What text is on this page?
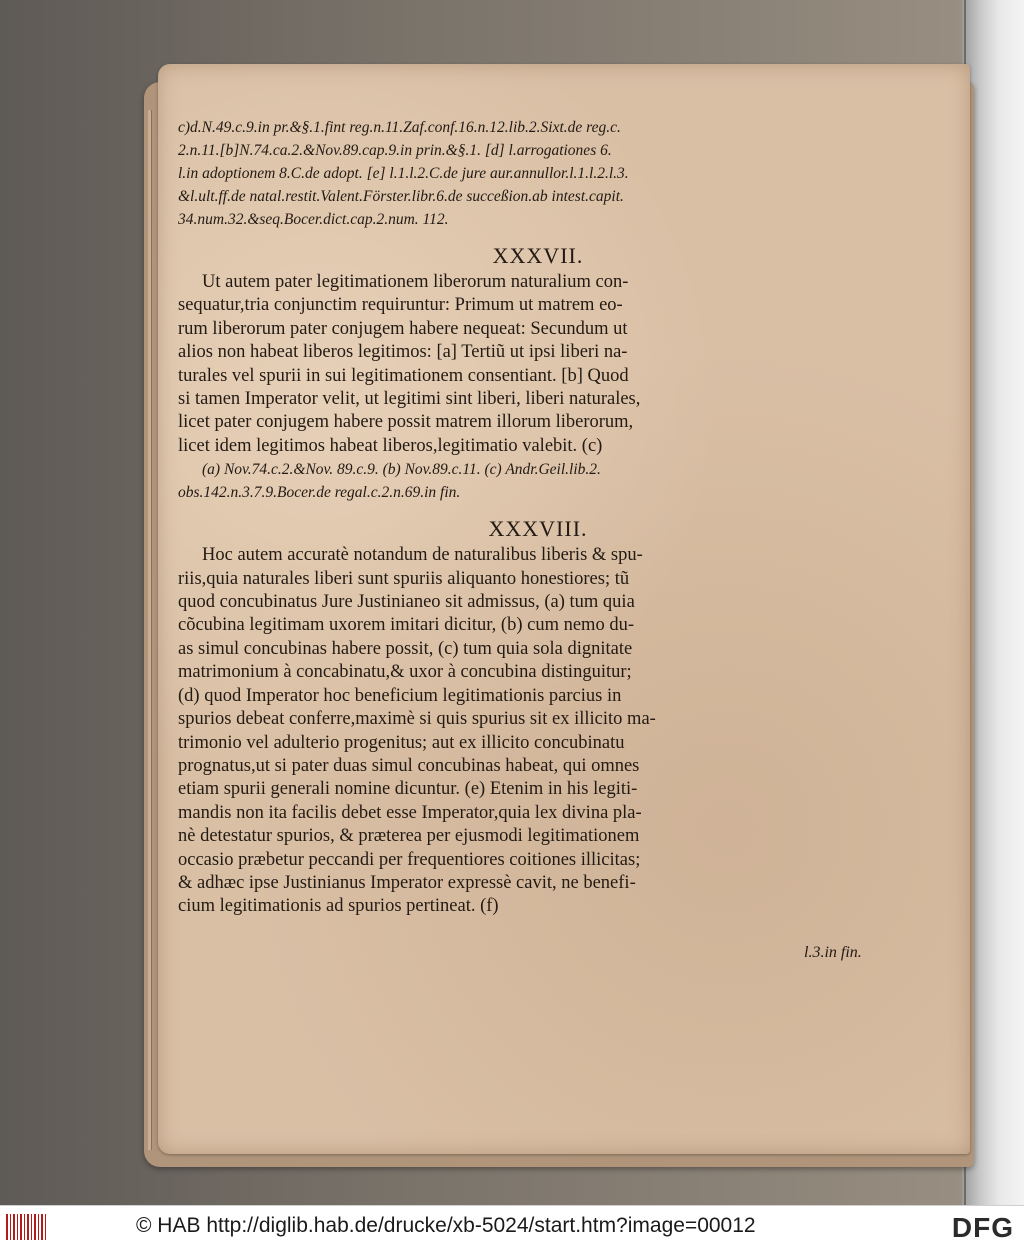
c)d.N.49.c.9.in pr.&§.1.fint reg.n.11.Zaf.conf.16.n.12.lib.2.Sixt.de reg.c.

2.n.11.[b]N.74.ca.2.&Nov.89.cap.9.in prin.&§.1. [d] l.arrogationes 6.

l.in adoptionem 8.C.de adopt. [e] l.1.l.2.C.de jure aur.annullor.l.1.l.2.l.3.

&l.ult.ff.de natal.restit.Valent.Förster.libr.6.de succeßion.ab intest.capit.

34.num.32.&seq.Bocer.dict.cap.2.num. 112.

XXXVII.

Ut autem pater legitimationem liberorum naturalium con-

sequatur,tria conjunctim requiruntur: Primum ut matrem eo-

rum liberorum pater conjugem habere nequeat: Secundum ut

alios non habeat liberos legitimos: [a] Tertiũ ut ipsi liberi na-

turales vel spurii in sui legitimationem consentiant. [b] Quod

si tamen Imperator velit, ut legitimi sint liberi, liberi naturales,

licet pater conjugem habere possit matrem illorum liberorum,

licet idem legitimos habeat liberos,legitimatio valebit. (c)

(a) Nov.74.c.2.&Nov. 89.c.9. (b) Nov.89.c.11. (c) Andr.Geil.lib.2.

obs.142.n.3.7.9.Bocer.de regal.c.2.n.69.in fin.

XXXVIII.

Hoc autem accuratè notandum de naturalibus liberis & spu-

riis,quia naturales liberi sunt spuriis aliquanto honestiores; tũ

quod concubinatus Jure Justinianeo sit admissus, (a) tum quia

cõcubina legitimam uxorem imitari dicitur, (b) cum nemo du-

as simul concubinas habere possit, (c) tum quia sola dignitate

matrimonium à concabinatu,& uxor à concubina distinguitur;

(d) quod Imperator hoc beneficium legitimationis parcius in

spurios debeat conferre,maximè si quis spurius sit ex illicito ma-

trimonio vel adulterio progenitus; aut ex illicito concubinatu

prognatus,ut si pater duas simul concubinas habeat, qui omnes

etiam spurii generali nomine dicuntur. (e) Etenim in his legiti-

mandis non ita facilis debet esse Imperator,quia lex divina pla-

nè detestatur spurios, & præterea per ejusmodi legitimationem

occasio præbetur peccandi per frequentiores coitiones illicitas;

& adhæc ipse Justinianus Imperator expressè cavit, ne benefi-

cium legitimationis ad spurios pertineat. (f)

l.3.in fin.
© HAB http://diglib.hab.de/drucke/xb-5024/start.htm?image=00012	DFG
